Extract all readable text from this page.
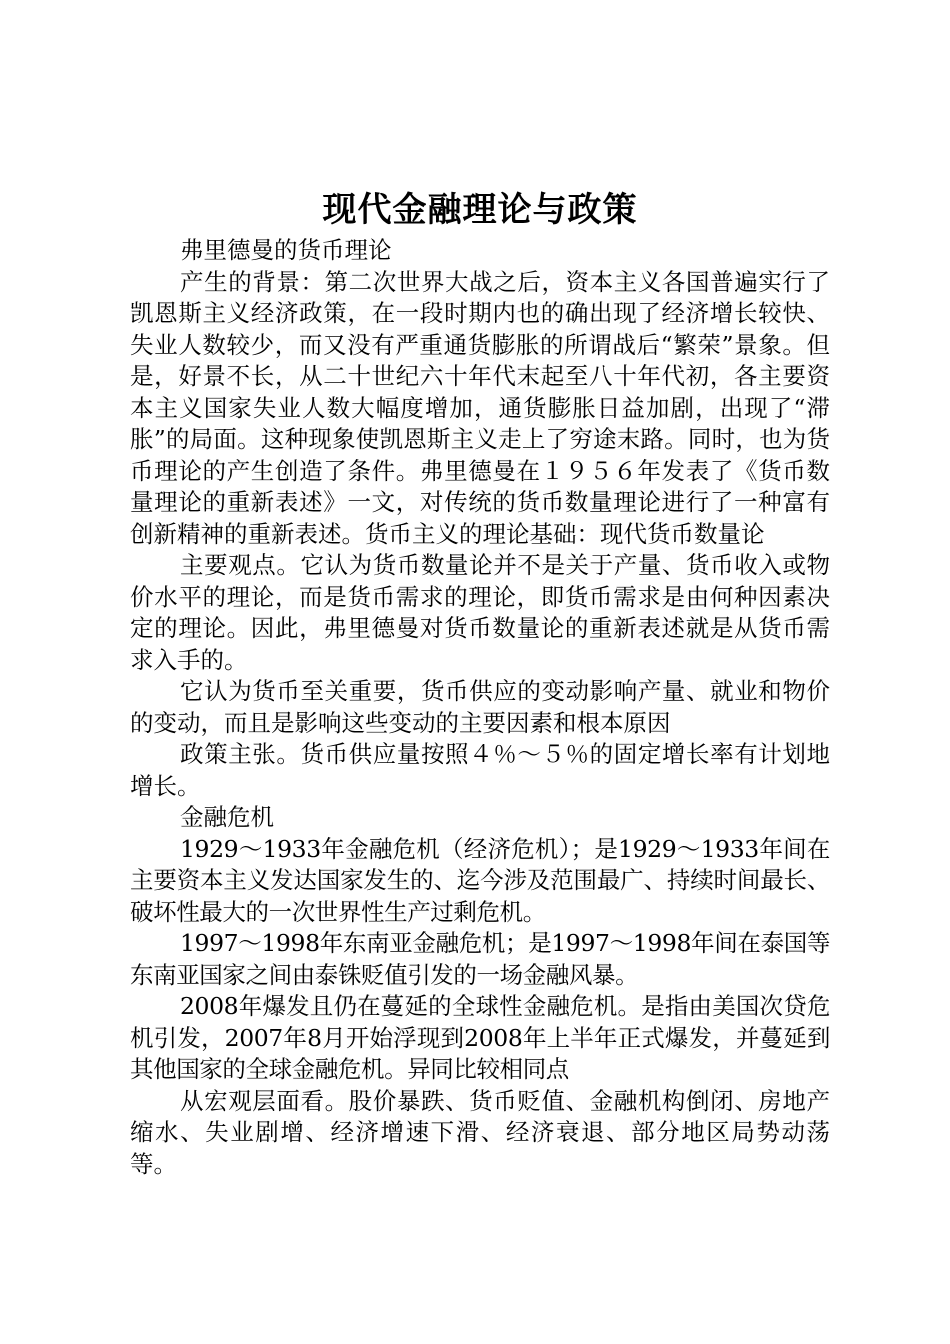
现代金融理论与政策

弗里德曼的货币理论

产生的背景：第二次世界大战之后，资本主义各国普遍实行了凯恩斯主义经济政策，在一段时期内也的确出现了经济增长较快、失业人数较少，而又没有严重通货膨胀的所谓战后“繁荣”景象。但是，好景不长，从二十世纪六十年代末起至八十年代初，各主要资本主义国家失业人数大幅度增加，通货膨胀日益加剧，出现了“滞胀”的局面。这种现象使凯恩斯主义走上了穷途末路。同时，也为货币理论的产生创造了条件。弗里德曼在１９５６年发表了《货币数量理论的重新表述》一文，对传统的货币数量理论进行了一种富有创新精神的重新表述。货币主义的理论基础：现代货币数量论

主要观点。它认为货币数量论并不是关于产量、货币收入或物价水平的理论，而是货币需求的理论，即货币需求是由何种因素决定的理论。因此，弗里德曼对货币数量论的重新表述就是从货币需求入手的。

它认为货币至关重要，货币供应的变动影响产量、就业和物价的变动，而且是影响这些变动的主要因素和根本原因

政策主张。货币供应量按照４％～５％的固定增长率有计划地增长。

金融危机

1929～1933年金融危机（经济危机）；是1929～1933年间在主要资本主义发达国家发生的、迄今涉及范围最广、持续时间最长、破坏性最大的一次世界性生产过剩危机。

1997～1998年东南亚金融危机；是1997～1998年间在泰国等东南亚国家之间由泰铢贬值引发的一场金融风暴。

2008年爆发且仍在蔓延的全球性金融危机。是指由美国次贷危机引发，2007年8月开始浮现到2008年上半年正式爆发，并蔓延到其他国家的全球金融危机。异同比较相同点

从宏观层面看。股价暴跌、货币贬值、金融机构倒闭、房地产缩水、失业剧增、经济增速下滑、经济衰退、部分地区局势动荡等。
